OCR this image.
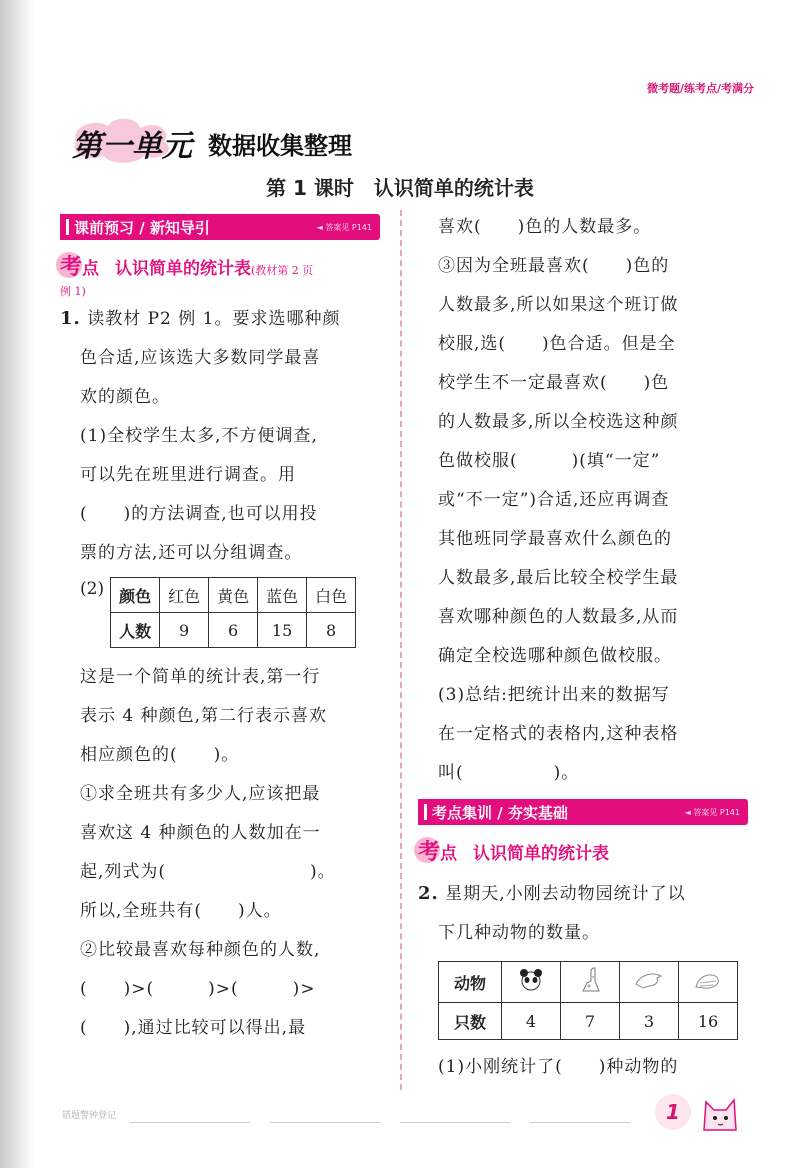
微考题/练考点/考满分
第一单元 数据收集整理
第 1 课时　认识简单的统计表
课前预习 / 新知导引	◄ 答案见 P141
考点 认识简单的统计表 (教材第 2 页
例 1)

1. 读教材 P2 例 1。要求选哪种颜

色合适,应该选大多数同学最喜

欢的颜色。

(1)全校学生太多,不方便调查,

可以先在班里进行调查。用

(　　)的方法调查,也可以用投

票的方法,还可以分组调查。

(2) 颜色	红色	黄色	蓝色	白色
人数	9	6	15	8

这是一个简单的统计表,第一行

表示 4 种颜色,第二行表示喜欢

相应颜色的(　　)。

①求全班共有多少人,应该把最

喜欢这 4 种颜色的人数加在一

起,列式为(　　　　　　　　)。

所以,全班共有(　　)人。

②比较最喜欢每种颜色的人数,

(　　)>(　　　)>(　　　)>

(　　),通过比较可以得出,最

喜欢(　　)色的人数最多。

③因为全班最喜欢(　　)色的

人数最多,所以如果这个班订做

校服,选(　　)色合适。但是全

校学生不一定最喜欢(　　)色

的人数最多,所以全校选这种颜

色做校服(　　　)(填“一定”

或“不一定”)合适,还应再调查

其他班同学最喜欢什么颜色的

人数最多,最后比较全校学生最

喜欢哪种颜色的人数最多,从而

确定全校选哪种颜色做校服。

(3)总结:把统计出来的数据写

在一定格式的表格内,这种表格

叫(　　　　　)。

考点集训 / 夯实基础	◄ 答案见 P141
考点 认识简单的统计表

2. 星期天,小刚去动物园统计了以

下几种动物的数量。

动物				
只数	4	7	3	16

(1)小刚统计了(　　)种动物的

错题警钟登记	1
